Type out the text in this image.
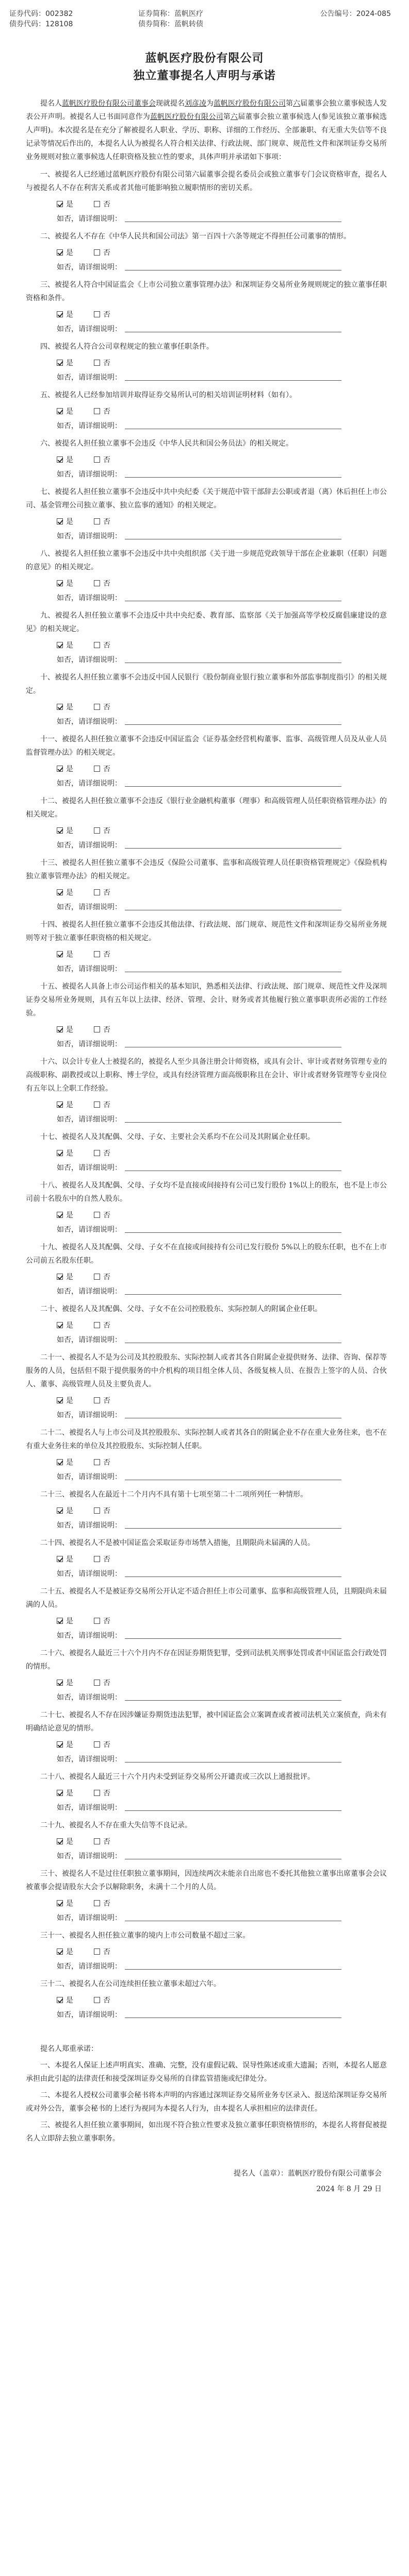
证券代码：002382	证券简称：蓝帆医疗	公告编号：2024-085
债券代码：128108	债券简称：蓝帆转债
蓝帆医疗股份有限公司
独立董事提名人声明与承诺

提名人蓝帆医疗股份有限公司董事会现就提名刘彦凌为蓝帆医疗股份有限公司第六届董事会独立董事候选人发表公开声明。被提名人已书面同意作为蓝帆医疗股份有限公司第六届董事会独立董事候选人(参见该独立董事候选人声明)。本次提名是在充分了解被提名人职业、学历、职称、详细的工作经历、全部兼职、有无重大失信等不良记录等情况后作出的，本提名人认为被提名人符合相关法律、行政法规、部门规章、规范性文件和深圳证券交易所业务规则对独立董事候选人任职资格及独立性的要求，具体声明并承诺如下事项：

一、被提名人已经通过蓝帆医疗股份有限公司第六届董事会提名委员会或独立董事专门会议资格审查，提名人与被提名人不存在利害关系或者其他可能影响独立履职情形的密切关系。

是	否
如否，请详细说明：

二、被提名人不存在《中华人民共和国公司法》第一百四十六条等规定不得担任公司董事的情形。

是	否
如否，请详细说明：

三、被提名人符合中国证监会《上市公司独立董事管理办法》和深圳证券交易所业务规则规定的独立董事任职资格和条件。

是	否
如否，请详细说明：

四、被提名人符合公司章程规定的独立董事任职条件。

是	否
如否，请详细说明：

五、被提名人已经参加培训并取得证券交易所认可的相关培训证明材料（如有）。

是	否
如否，请详细说明：

六、被提名人担任独立董事不会违反《中华人民共和国公务员法》的相关规定。

是	否
如否，请详细说明：

七、被提名人担任独立董事不会违反中共中央纪委《关于规范中管干部辞去公职或者退（离）休后担任上市公司、基金管理公司独立董事、独立监事的通知》的相关规定。

是	否
如否，请详细说明：

八、被提名人担任独立董事不会违反中共中央组织部《关于进一步规范党政领导干部在企业兼职（任职）问题的意见》的相关规定。

是	否
如否，请详细说明：

九、被提名人担任独立董事不会违反中共中央纪委、教育部、监察部《关于加强高等学校反腐倡廉建设的意见》的相关规定。

是	否
如否，请详细说明：

十、被提名人担任独立董事不会违反中国人民银行《股份制商业银行独立董事和外部监事制度指引》的相关规定。

是	否
如否，请详细说明：

十一、被提名人担任独立董事不会违反中国证监会《证券基金经营机构董事、监事、高级管理人员及从业人员监督管理办法》的相关规定。

是	否
如否，请详细说明：

十二、被提名人担任独立董事不会违反《银行业金融机构董事（理事）和高级管理人员任职资格管理办法》的相关规定。

是	否
如否，请详细说明：

十三、被提名人担任独立董事不会违反《保险公司董事、监事和高级管理人员任职资格管理规定》《保险机构独立董事管理办法》的相关规定。

是	否
如否，请详细说明：

十四、被提名人担任独立董事不会违反其他法律、行政法规、部门规章、规范性文件和深圳证券交易所业务规则等对于独立董事任职资格的相关规定。

是	否
如否，请详细说明：

十五、被提名人具备上市公司运作相关的基本知识，熟悉相关法律、行政法规、部门规章、规范性文件及深圳证券交易所业务规则，具有五年以上法律、经济、管理、会计、财务或者其他履行独立董事职责所必需的工作经验。

是	否
如否，请详细说明：

十六、以会计专业人士被提名的，被提名人至少具备注册会计师资格，或具有会计、审计或者财务管理专业的高级职称、副教授或以上职称、博士学位，或具有经济管理方面高级职称且在会计、审计或者财务管理等专业岗位有五年以上全职工作经验。

是	否
如否，请详细说明：

十七、被提名人及其配偶、父母、子女、主要社会关系均不在公司及其附属企业任职。

是	否
如否，请详细说明：

十八、被提名人及其配偶、父母、子女均不是直接或间接持有公司已发行股份 1%以上的股东，也不是上市公司前十名股东中的自然人股东。

是	否
如否，请详细说明：

十九、被提名人及其配偶、父母、子女不在直接或间接持有公司已发行股份 5%以上的股东任职，也不在上市公司前五名股东任职。

是	否
如否，请详细说明：

二十、被提名人及其配偶、父母、子女不在公司控股股东、实际控制人的附属企业任职。

是	否
如否，请详细说明：

二十一、被提名人不是为公司及其控股股东、实际控制人或者其各自附属企业提供财务、法律、咨询、保荐等服务的人员，包括但不限于提供服务的中介机构的项目组全体人员、各级复核人员、在报告上签字的人员、合伙人、董事、高级管理人员及主要负责人。

是	否
如否，请详细说明：

二十二、被提名人与上市公司及其控股股东、实际控制人或者其各自的附属企业不存在重大业务往来，也不在有重大业务往来的单位及其控股股东、实际控制人任职。

是	否
如否，请详细说明：

二十三、被提名人在最近十二个月内不具有第十七项至第二十二项所列任一种情形。

是	否
如否，请详细说明：

二十四、被提名人不是被中国证监会采取证券市场禁入措施，且期限尚未届满的人员。

是	否
如否，请详细说明：

二十五、被提名人不是被证券交易所公开认定不适合担任上市公司董事、监事和高级管理人员，且期限尚未届满的人员。

是	否
如否，请详细说明：

二十六、被提名人最近三十六个月内不存在因证券期货犯罪，受到司法机关刑事处罚或者中国证监会行政处罚的情形。

是	否
如否，请详细说明：

二十七、被提名人不存在因涉嫌证券期货违法犯罪，被中国证监会立案调查或者被司法机关立案侦查，尚未有明确结论意见的情形。

是	否
如否，请详细说明：

二十八、被提名人最近三十六个月内未受到证券交易所公开谴责或三次以上通报批评。

是	否
如否，请详细说明：

二十九、被提名人不存在重大失信等不良记录。

是	否
如否，请详细说明：

三十、被提名人不是过往任职独立董事期间，因连续两次未能亲自出席也不委托其他独立董事出席董事会会议被董事会提请股东大会予以解除职务，未满十二个月的人员。

是	否
如否，请详细说明：

三十一、被提名人担任独立董事的境内上市公司数量不超过三家。

是	否
如否，请详细说明：

三十二、被提名人在公司连续担任独立董事未超过六年。

是	否
如否，请详细说明：

提名人郑重承诺：

一、本提名人保证上述声明真实、准确、完整，没有虚假记载、误导性陈述或重大遗漏；否则，本提名人愿意承担由此引起的法律责任和接受深圳证券交易所的自律监管措施或纪律处分。

二、本提名人授权公司董事会秘书将本声明的内容通过深圳证券交易所业务专区录入、报送给深圳证券交易所或对外公告，董事会秘书的上述行为视同为本提名人行为，由本提名人承担相应的法律责任。

三、被提名人担任独立董事期间，如出现不符合独立性要求及独立董事任职资格情形的，本提名人将督促被提名人立即辞去独立董事职务。

提名人（盖章）：蓝帆医疗股份有限公司董事会
2024 年 8 月 29 日
